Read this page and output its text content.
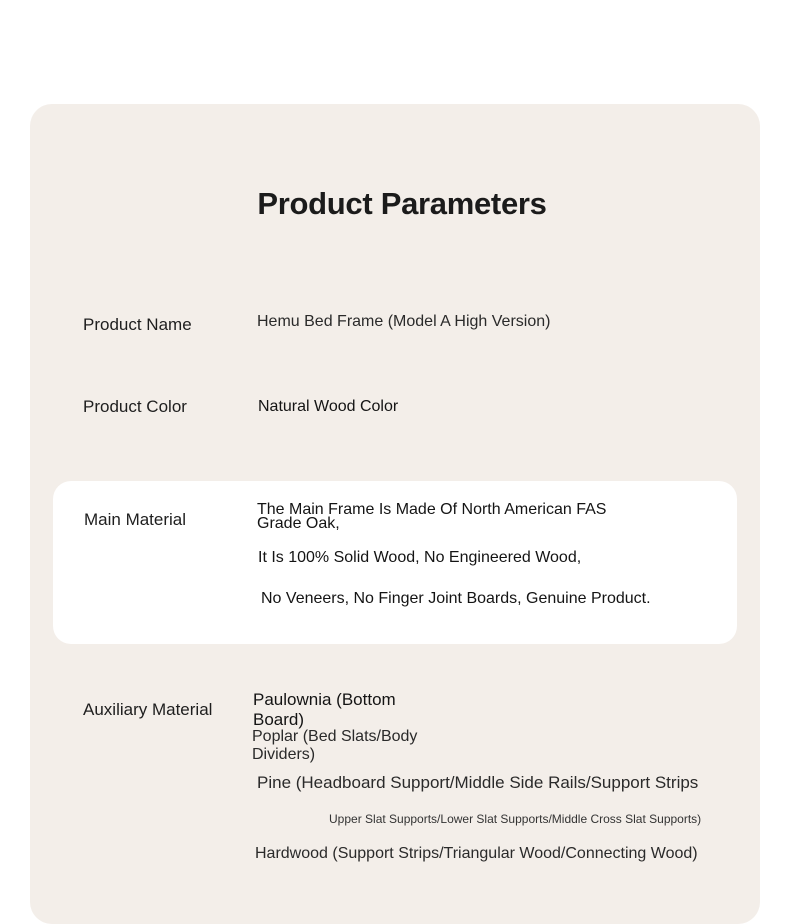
Product Parameters
Product Name	Hemu Bed Frame (Model A High Version)
Product Color	Natural Wood Color
Main Material
The Main Frame Is Made Of North American FAS
Grade Oak,
It Is 100% Solid Wood, No Engineered Wood,
No Veneers, No Finger Joint Boards, Genuine Product.
Auxiliary Material
Paulownia (Bottom
Board)
Poplar (Bed Slats/Body
Dividers)
Pine (Headboard Support/Middle Side Rails/Support Strips
Upper Slat Supports/Lower Slat Supports/Middle Cross Slat Supports)
Hardwood (Support Strips/Triangular Wood/Connecting Wood)
